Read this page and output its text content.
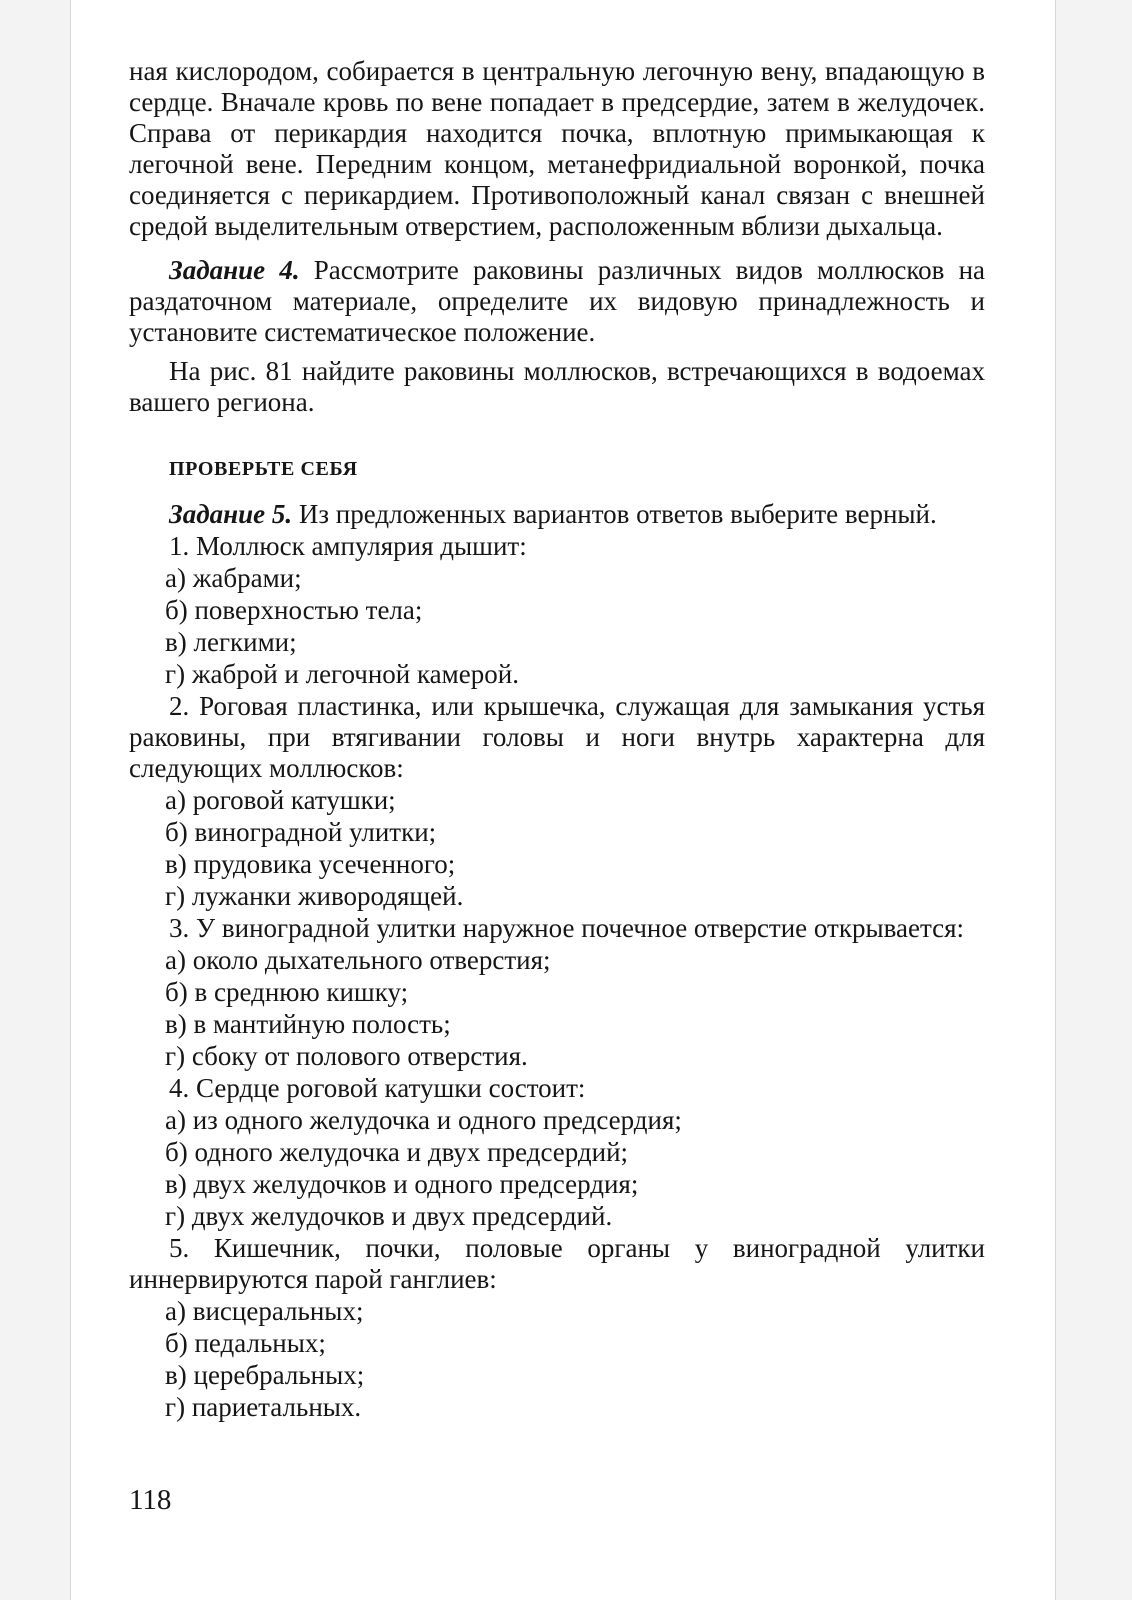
ная кислородом, собирается в центральную легочную вену, впадающую в сердце. Вначале кровь по вене попадает в предсердие, затем в желудочек. Справа от перикардия находится почка, вплотную примыкающая к легочной вене. Передним концом, метанефридиальной воронкой, почка соединяется с перикардием. Противоположный канал связан с внешней средой выделительным отверстием, расположенным вблизи дыхальца.

Задание 4. Рассмотрите раковины различных видов моллюсков на раздаточном материале, определите их видовую принадлежность и установите систематическое положение.

На рис. 81 найдите раковины моллюсков, встречающихся в водоемах вашего региона.

ПРОВЕРЬТЕ СЕБЯ

Задание 5. Из предложенных вариантов ответов выберите верный.

1. Моллюск ампулярия дышит:

а) жабрами;

б) поверхностью тела;

в) легкими;

г) жаброй и легочной камерой.

2. Роговая пластинка, или крышечка, служащая для замыкания устья раковины, при втягивании головы и ноги внутрь характерна для следующих моллюсков:

а) роговой катушки;

б) виноградной улитки;

в) прудовика усеченного;

г) лужанки живородящей.

3. У виноградной улитки наружное почечное отверстие открывается:

а) около дыхательного отверстия;

б) в среднюю кишку;

в) в мантийную полость;

г) сбоку от полового отверстия.

4. Сердце роговой катушки состоит:

а) из одного желудочка и одного предсердия;

б) одного желудочка и двух предсердий;

в) двух желудочков и одного предсердия;

г) двух желудочков и двух предсердий.

5. Кишечник, почки, половые органы у виноградной улитки иннервируются парой ганглиев:

а) висцеральных;

б) педальных;

в) церебральных;

г) париетальных.

118
